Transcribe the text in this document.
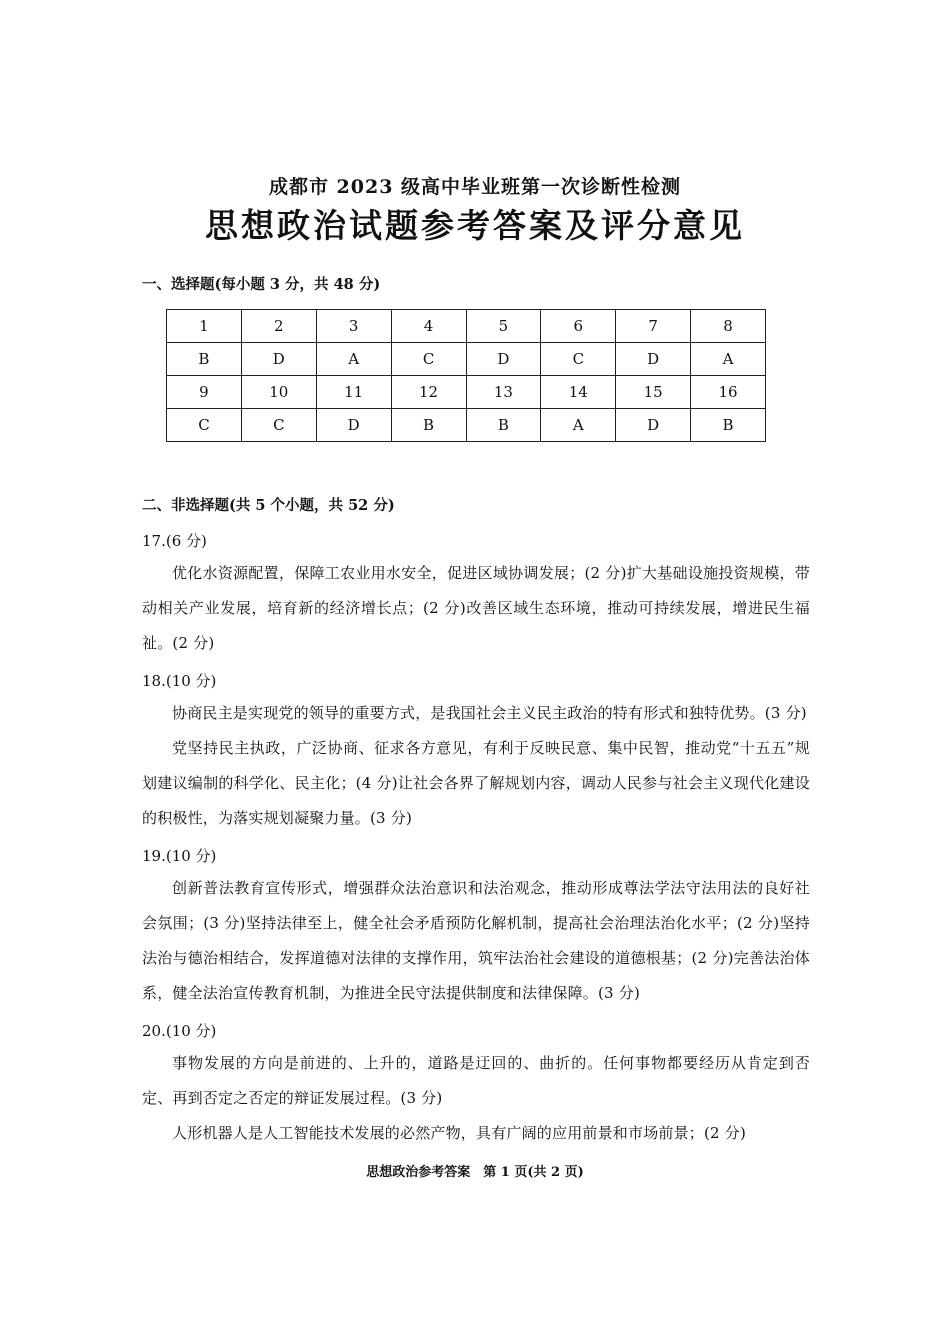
成都市 2023 级高中毕业班第一次诊断性检测
思想政治试题参考答案及评分意见
一、选择题(每小题 3 分，共 48 分)
1	2	3	4	5	6	7	8
B	D	A	C	D	C	D	A
9	10	11	12	13	14	15	16
C	C	D	B	B	A	D	B
二、非选择题(共 5 个小题，共 52 分)
17.(6 分)
优化水资源配置，保障工农业用水安全，促进区域协调发展；(2 分)扩大基础设施投资规模，带动相关产业发展，培育新的经济增长点；(2 分)改善区域生态环境，推动可持续发展，增进民生福祉。(2 分)
18.(10 分)
协商民主是实现党的领导的重要方式，是我国社会主义民主政治的特有形式和独特优势。(3 分)
党坚持民主执政，广泛协商、征求各方意见，有利于反映民意、集中民智，推动党“十五五”规划建议编制的科学化、民主化；(4 分)让社会各界了解规划内容，调动人民参与社会主义现代化建设的积极性，为落实规划凝聚力量。(3 分)
19.(10 分)
创新普法教育宣传形式，增强群众法治意识和法治观念，推动形成尊法学法守法用法的良好社会氛围；(3 分)坚持法律至上，健全社会矛盾预防化解机制，提高社会治理法治化水平；(2 分)坚持法治与德治相结合，发挥道德对法律的支撑作用，筑牢法治社会建设的道德根基；(2 分)完善法治体系，健全法治宣传教育机制，为推进全民守法提供制度和法律保障。(3 分)
20.(10 分)
事物发展的方向是前进的、上升的，道路是迂回的、曲折的。任何事物都要经历从肯定到否定、再到否定之否定的辩证发展过程。(3 分)
人形机器人是人工智能技术发展的必然产物，具有广阔的应用前景和市场前景；(2 分)
思想政治参考答案　第 1 页(共 2 页)
